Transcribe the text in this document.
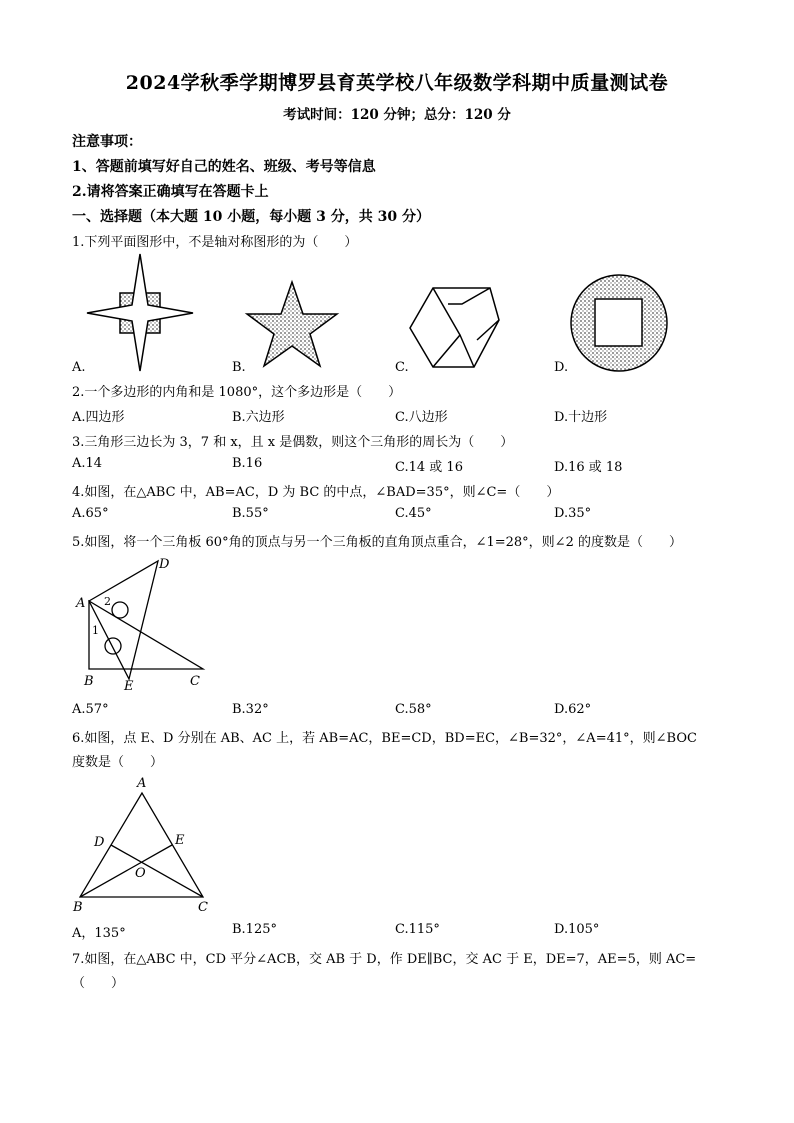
2024学秋季学期博罗县育英学校八年级数学科期中质量测试卷
考试时间：120 分钟；总分：120 分
注意事项：
1、答题前填写好自己的姓名、班级、考号等信息
2.请将答案正确填写在答题卡上
一、选择题（本大题 10 小题，每小题 3 分，共 30 分）
1.下列平面图形中，不是轴对称图形的为（　　）
A.	B.	C.	D.
2.一个多边形的内角和是 1080°，这个多边形是（　　）
A.四边形	B.六边形	C.八边形	D.十边形
3.三角形三边长为 3，7 和 x，且 x 是偶数，则这个三角形的周长为（　　）
A.14	B.16	C.14 或 16	D.16 或 18
4.如图，在△ABC 中，AB=AC，D 为 BC 的中点，∠BAD=35°，则∠C=（　　）
A.65°	B.55°	C.45°	D.35°
5.如图，将一个三角板 60°角的顶点与另一个三角板的直角顶点重合，∠1=28°，则∠2 的度数是（　　）
A
D
B E	C
1
2
A.57°	B.32°	C.58°	D.62°
6.如图，点 E、D 分别在 AB、AC 上，若 AB=AC，BE=CD，BD=EC，∠B=32°，∠A=41°，则∠BOC
度数是（　　）
A
D	E
O
B	C
A，135°	B.125°	C.115°	D.105°
7.如图，在△ABC 中，CD 平分∠ACB，交 AB 于 D，作 DE∥BC，交 AC 于 E，DE=7，AE=5，则 AC=
（　　）
